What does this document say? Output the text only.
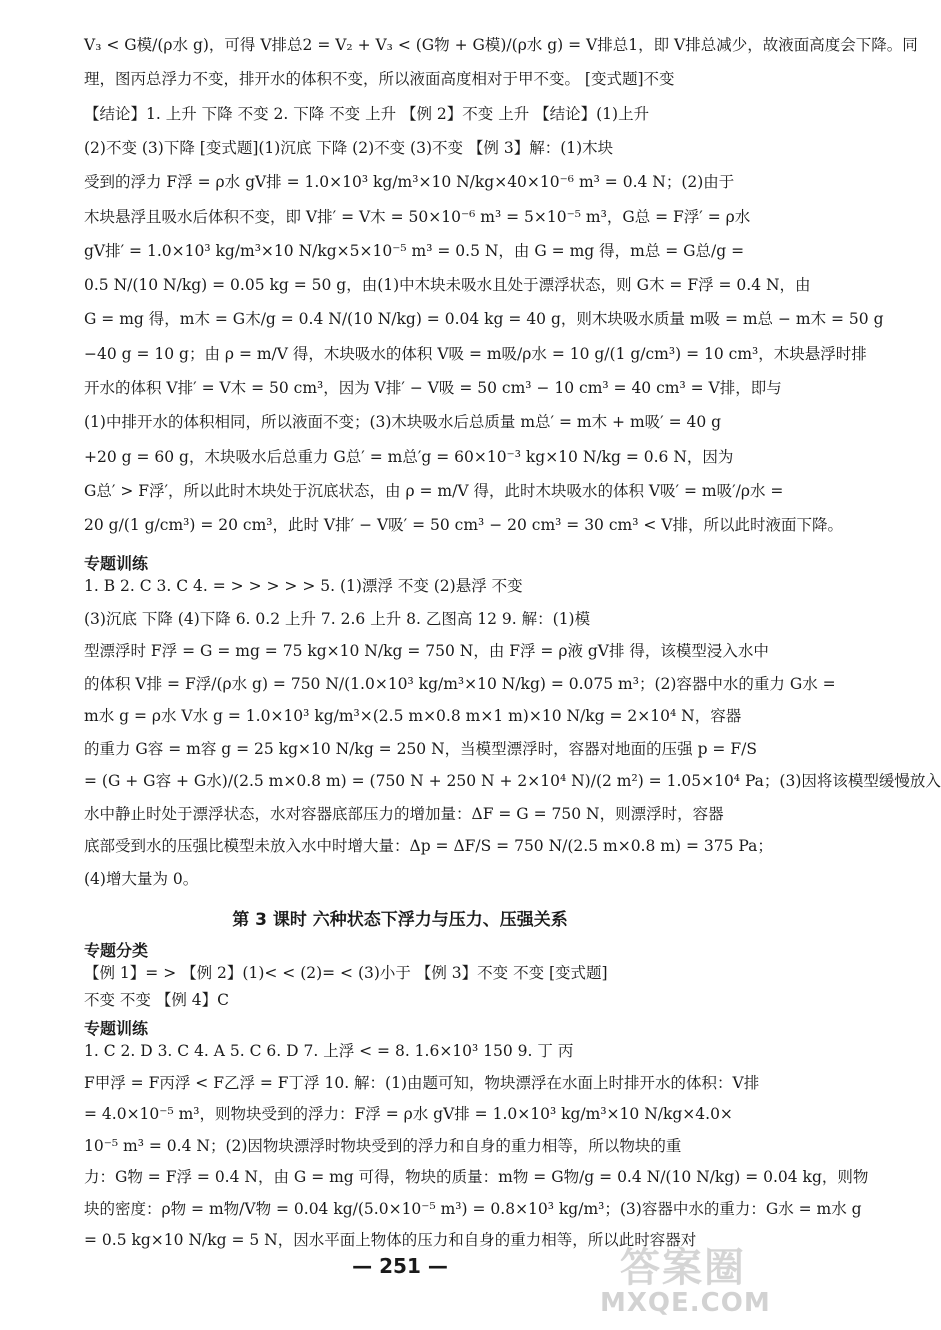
V₃ < G模/(ρ水 g)，可得 V排总2 = V₂ + V₃ < (G物 + G模)/(ρ水 g) = V排总1，即 V排总减少，故液面高度会下降。同
理，图丙总浮力不变，排开水的体积不变，所以液面高度相对于甲不变。 [变式题]不变
【结论】1. 上升 下降 不变 2. 下降 不变 上升 【例 2】不变 上升 【结论】(1)上升
(2)不变 (3)下降 [变式题](1)沉底 下降 (2)不变 (3)不变 【例 3】解：(1)木块
受到的浮力 F浮 = ρ水 gV排 = 1.0×10³ kg/m³×10 N/kg×40×10⁻⁶ m³ = 0.4 N；(2)由于
木块悬浮且吸水后体积不变，即 V排′ = V木 = 50×10⁻⁶ m³ = 5×10⁻⁵ m³，G总 = F浮′ = ρ水
gV排′ = 1.0×10³ kg/m³×10 N/kg×5×10⁻⁵ m³ = 0.5 N，由 G = mg 得，m总 = G总/g =
0.5 N/(10 N/kg) = 0.05 kg = 50 g，由(1)中木块未吸水且处于漂浮状态，则 G木 = F浮 = 0.4 N，由
G = mg 得，m木 = G木/g = 0.4 N/(10 N/kg) = 0.04 kg = 40 g，则木块吸水质量 m吸 = m总 − m木 = 50 g
−40 g = 10 g；由 ρ = m/V 得，木块吸水的体积 V吸 = m吸/ρ水 = 10 g/(1 g/cm³) = 10 cm³，木块悬浮时排
开水的体积 V排′ = V木 = 50 cm³，因为 V排′ − V吸 = 50 cm³ − 10 cm³ = 40 cm³ = V排，即与
(1)中排开水的体积相同，所以液面不变；(3)木块吸水后总质量 m总′ = m木 + m吸′ = 40 g
+20 g = 60 g，木块吸水后总重力 G总′ = m总′g = 60×10⁻³ kg×10 N/kg = 0.6 N，因为
G总′ > F浮′，所以此时木块处于沉底状态，由 ρ = m/V 得，此时木块吸水的体积 V吸′ = m吸′/ρ水 =
20 g/(1 g/cm³) = 20 cm³，此时 V排′ − V吸′ = 50 cm³ − 20 cm³ = 30 cm³ < V排，所以此时液面下降。
专题训练
1. B 2. C 3. C 4. = > > > > > 5. (1)漂浮 不变 (2)悬浮 不变
(3)沉底 下降 (4)下降 6. 0.2 上升 7. 2.6 上升 8. 乙图高 12 9. 解：(1)模
型漂浮时 F浮 = G = mg = 75 kg×10 N/kg = 750 N，由 F浮 = ρ液 gV排 得，该模型浸入水中
的体积 V排 = F浮/(ρ水 g) = 750 N/(1.0×10³ kg/m³×10 N/kg) = 0.075 m³；(2)容器中水的重力 G水 =
m水 g = ρ水 V水 g = 1.0×10³ kg/m³×(2.5 m×0.8 m×1 m)×10 N/kg = 2×10⁴ N，容器
的重力 G容 = m容 g = 25 kg×10 N/kg = 250 N，当模型漂浮时，容器对地面的压强 p = F/S
= (G + G容 + G水)/(2.5 m×0.8 m) = (750 N + 250 N + 2×10⁴ N)/(2 m²) = 1.05×10⁴ Pa；(3)因将该模型缓慢放入
水中静止时处于漂浮状态，水对容器底部压力的增加量：ΔF = G = 750 N，则漂浮时，容器
底部受到水的压强比模型未放入水中时增大量：Δp = ΔF/S = 750 N/(2.5 m×0.8 m) = 375 Pa；
(4)增大量为 0。
第 3 课时 六种状态下浮力与压力、压强关系
专题分类
【例 1】= > 【例 2】(1)< < (2)= < (3)小于 【例 3】不变 不变 [变式题]
不变 不变 【例 4】C
专题训练
1. C 2. D 3. C 4. A 5. C 6. D 7. 上浮 < = 8. 1.6×10³ 150 9. 丁 丙
F甲浮 = F丙浮 < F乙浮 = F丁浮 10. 解：(1)由题可知，物块漂浮在水面上时排开水的体积：V排
= 4.0×10⁻⁵ m³，则物块受到的浮力：F浮 = ρ水 gV排 = 1.0×10³ kg/m³×10 N/kg×4.0×
10⁻⁵ m³ = 0.4 N；(2)因物块漂浮时物块受到的浮力和自身的重力相等，所以物块的重
力：G物 = F浮 = 0.4 N，由 G = mg 可得，物块的质量：m物 = G物/g = 0.4 N/(10 N/kg) = 0.04 kg，则物
块的密度：ρ物 = m物/V物 = 0.04 kg/(5.0×10⁻⁵ m³) = 0.8×10³ kg/m³；(3)容器中水的重力：G水 = m水 g
= 0.5 kg×10 N/kg = 5 N，因水平面上物体的压力和自身的重力相等，所以此时容器对
— 251 —	答案圈
MXQE.COM
